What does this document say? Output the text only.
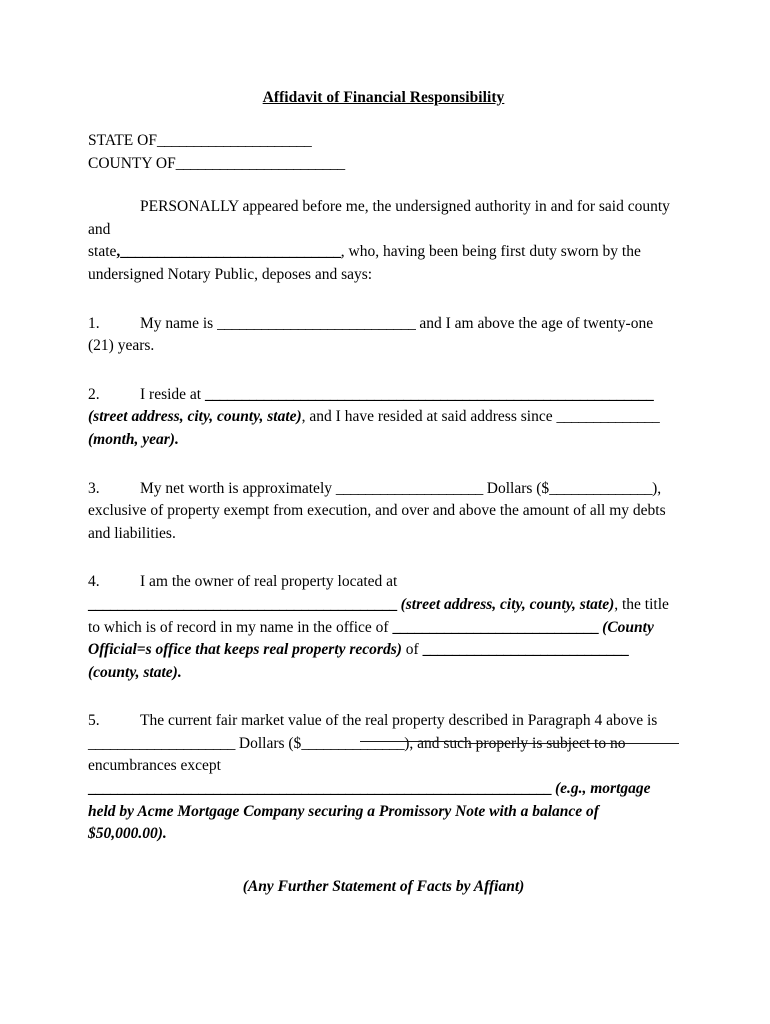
Affidavit of Financial Responsibility
STATE OF_____________________
COUNTY OF_______________________
PERSONALLY appeared before me, the undersigned authority in and for said county
and
state,______________________________, who, having been being first duty sworn by the
undersigned Notary Public, deposes and says:
1.	My name is ___________________________ and I am above the age of twenty-one (21) years.
2.	I reside at _____________________________________________________________ (street address, city, county, state), and I have resided at said address since ______________ (month, year).
3.	My net worth is approximately ____________________ Dollars ($______________), exclusive of property exempt from execution, and over and above the amount of all my debts and liabilities.
4.	I am the owner of real property located at
__________________________________________ (street address, city, county, state), the title to which is of record in my name in the office of ____________________________ (County Official=s office that keeps real property records) of ____________________________ (county, state).
5.	The current fair market value of the real property described in Paragraph 4 above is
____________________ Dollars ($______________), and such properly is subject to no encumbrances except _______________________________________________________________ (e.g., mortgage held by Acme Mortgage Company securing a Promissory Note with a balance of $50,000.00).
(Any Further Statement of Facts by Affiant)
